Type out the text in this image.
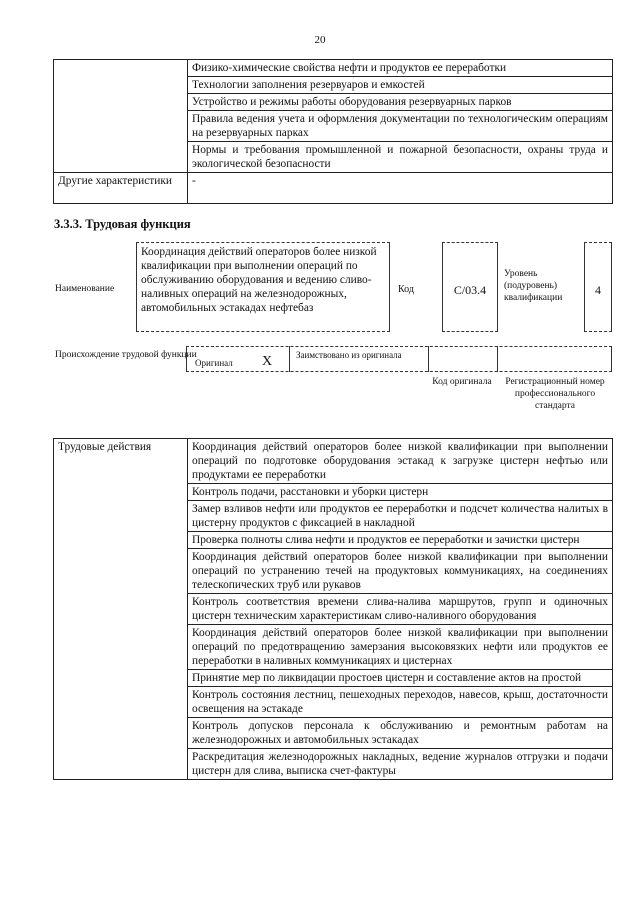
20
	Физико-химические свойства нефти и продуктов ее переработки
	Технологии заполнения резервуаров и емкостей
	Устройство и режимы работы оборудования резервуарных парков
	Правила ведения учета и оформления документации по технологическим операциям на резервуарных парках
	Нормы и требования промышленной и пожарной безопасности, охраны труда и экологической безопасности
Другие характеристики	-
3.3.3. Трудовая функция
Наименование
Координация действий операторов более низкой квалификации при выполнении операций по обслуживанию оборудования и ведению сливо-наливных операций на железнодорожных, автомобильных эстакадах нефтебаз
Код	C/03.4
Уровень (подуровень) квалификации
4
Происхождение трудовой функции
Оригинал X	Заимствовано из оригинала
Код оригинала	Регистрационный номер профессионального стандарта
Трудовые действия	Координация действий операторов более низкой квалификации при выполнении операций по подготовке оборудования эстакад к загрузке цистерн нефтью или продуктами ее переработки
Контроль подачи, расстановки и уборки цистерн
Замер взливов нефти или продуктов ее переработки и подсчет количества налитых в цистерну продуктов с фиксацией в накладной
Проверка полноты слива нефти и продуктов ее переработки и зачистки цистерн
Координация действий операторов более низкой квалификации при выполнении операций по устранению течей на продуктовых коммуникациях, на соединениях телескопических труб или рукавов
Контроль соответствия времени слива-налива маршрутов, групп и одиночных цистерн техническим характеристикам сливо-наливного оборудования
Координация действий операторов более низкой квалификации при выполнении операций по предотвращению замерзания высоковязких нефти или продуктов ее переработки в наливных коммуникациях и цистернах
Принятие мер по ликвидации простоев цистерн и составление актов на простой
Контроль состояния лестниц, пешеходных переходов, навесов, крыш, достаточности освещения на эстакаде
Контроль допусков персонала к обслуживанию и ремонтным работам на железнодорожных и автомобильных эстакадах
Раскредитация железнодорожных накладных, ведение журналов отгрузки и подачи цистерн для слива, выписка счет-фактуры
